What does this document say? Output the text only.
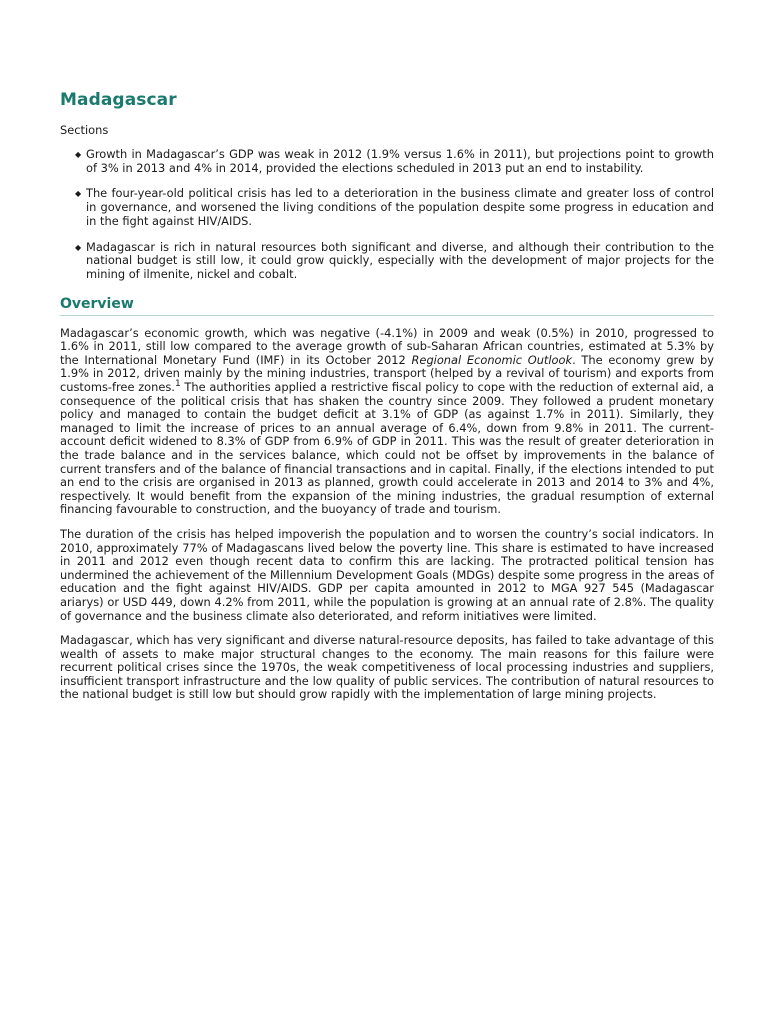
Madagascar
Sections
◆ Growth in Madagascar’s GDP was weak in 2012 (1.9% versus 1.6% in 2011), but projections point to growth of 3% in 2013 and 4% in 2014, provided the elections scheduled in 2013 put an end to instability.
◆ The four-year-old political crisis has led to a deterioration in the business climate and greater loss of control in governance, and worsened the living conditions of the population despite some progress in education and in the fight against HIV/AIDS.
◆ Madagascar is rich in natural resources both significant and diverse, and although their contribution to the national budget is still low, it could grow quickly, especially with the development of major projects for the mining of ilmenite, nickel and cobalt.
Overview

Madagascar’s economic growth, which was negative (-4.1%) in 2009 and weak (0.5%) in 2010, progressed to 1.6% in 2011, still low compared to the average growth of sub-Saharan African countries, estimated at 5.3% by the International Monetary Fund (IMF) in its October 2012 Regional Economic Outlook. The economy grew by 1.9% in 2012, driven mainly by the mining industries, transport (helped by a revival of tourism) and exports from customs-free zones.$^1$ The authorities applied a restrictive fiscal policy to cope with the reduction of external aid, a consequence of the political crisis that has shaken the country since 2009. They followed a prudent monetary policy and managed to contain the budget deficit at 3.1% of GDP (as against 1.7% in 2011). Similarly, they managed to limit the increase of prices to an annual average of 6.4%, down from 9.8% in 2011. The current-account deficit widened to 8.3% of GDP from 6.9% of GDP in 2011. This was the result of greater deterioration in the trade balance and in the services balance, which could not be offset by improvements in the balance of current transfers and of the balance of financial transactions and in capital. Finally, if the elections intended to put an end to the crisis are organised in 2013 as planned, growth could accelerate in 2013 and 2014 to 3% and 4%, respectively. It would benefit from the expansion of the mining industries, the gradual resumption of external financing favourable to construction, and the buoyancy of trade and tourism.

The duration of the crisis has helped impoverish the population and to worsen the country’s social indicators. In 2010, approximately 77% of Madagascans lived below the poverty line. This share is estimated to have increased in 2011 and 2012 even though recent data to confirm this are lacking. The protracted political tension has undermined the achievement of the Millennium Development Goals (MDGs) despite some progress in the areas of education and the fight against HIV/AIDS. GDP per capita amounted in 2012 to MGA 927 545 (Madagascar ariarys) or USD 449, down 4.2% from 2011, while the population is growing at an annual rate of 2.8%. The quality of governance and the business climate also deteriorated, and reform initiatives were limited.

Madagascar, which has very significant and diverse natural-resource deposits, has failed to take advantage of this wealth of assets to make major structural changes to the economy. The main reasons for this failure were recurrent political crises since the 1970s, the weak competitiveness of local processing industries and suppliers, insufficient transport infrastructure and the low quality of public services. The contribution of natural resources to the national budget is still low but should grow rapidly with the implementation of large mining projects.
